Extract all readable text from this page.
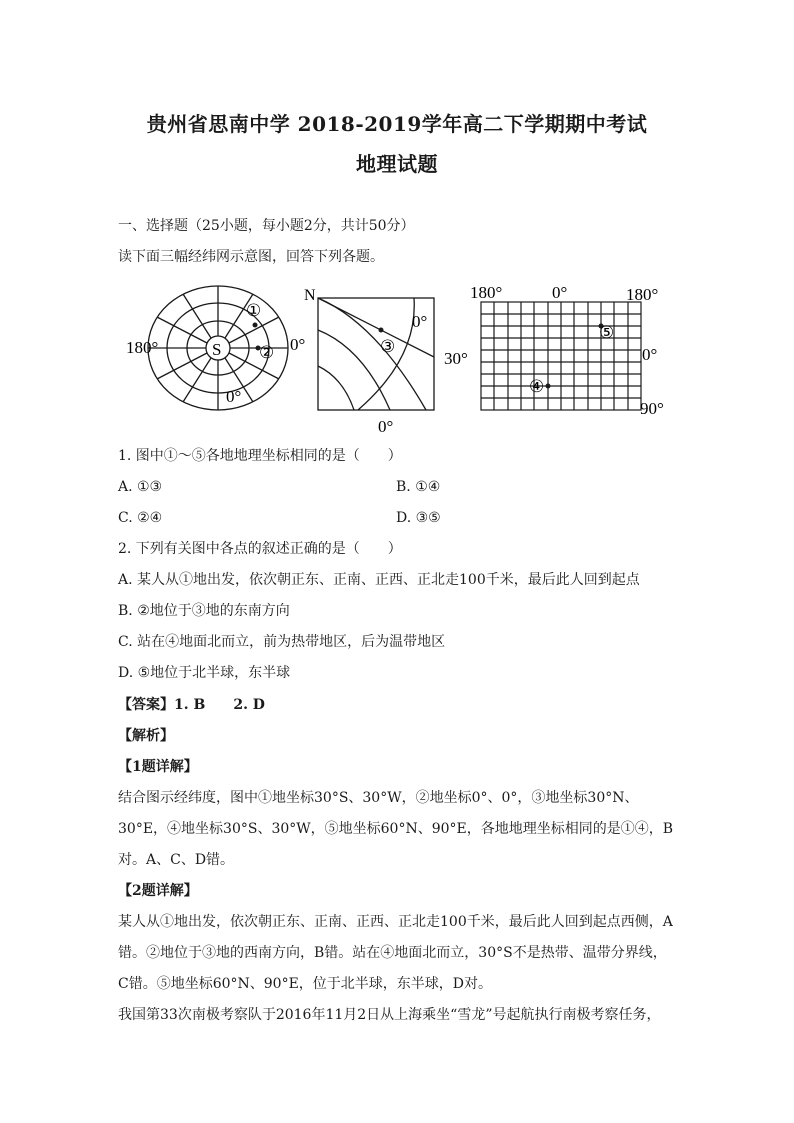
贵州省思南中学 2018-2019学年高二下学期期中考试
地理试题
一、选择题（25小题，每小题2分，共计50分）
读下面三幅经纬网示意图，回答下列各题。
S
180°	0°
0°
①
②
N
0°
30°
0°
③
180°	0°	180°
0°
90°
④
⑤
1. 图中①～⑤各地地理坐标相同的是（　　）
A. ①③	B. ①④
C. ②④	D. ③⑤
2. 下列有关图中各点的叙述正确的是（　　）
A. 某人从①地出发，依次朝正东、正南、正西、正北走100千米，最后此人回到起点
B. ②地位于③地的东南方向
C. 站在④地面北而立，前为热带地区，后为温带地区
D. ⑤地位于北半球，东半球
【答案】1. B　　2. D
【解析】
【1题详解】
结合图示经纬度，图中①地坐标30°S、30°W，②地坐标0°、0°，③地坐标30°N、
30°E，④地坐标30°S、30°W，⑤地坐标60°N、90°E，各地地理坐标相同的是①④，B
对。A、C、D错。
【2题详解】
某人从①地出发，依次朝正东、正南、正西、正北走100千米，最后此人回到起点西侧，A
错。②地位于③地的西南方向，B错。站在④地面北而立，30°S不是热带、温带分界线，
C错。⑤地坐标60°N、90°E，位于北半球，东半球，D对。
我国第33次南极考察队于2016年11月2日从上海乘坐“雪龙”号起航执行南极考察任务，
